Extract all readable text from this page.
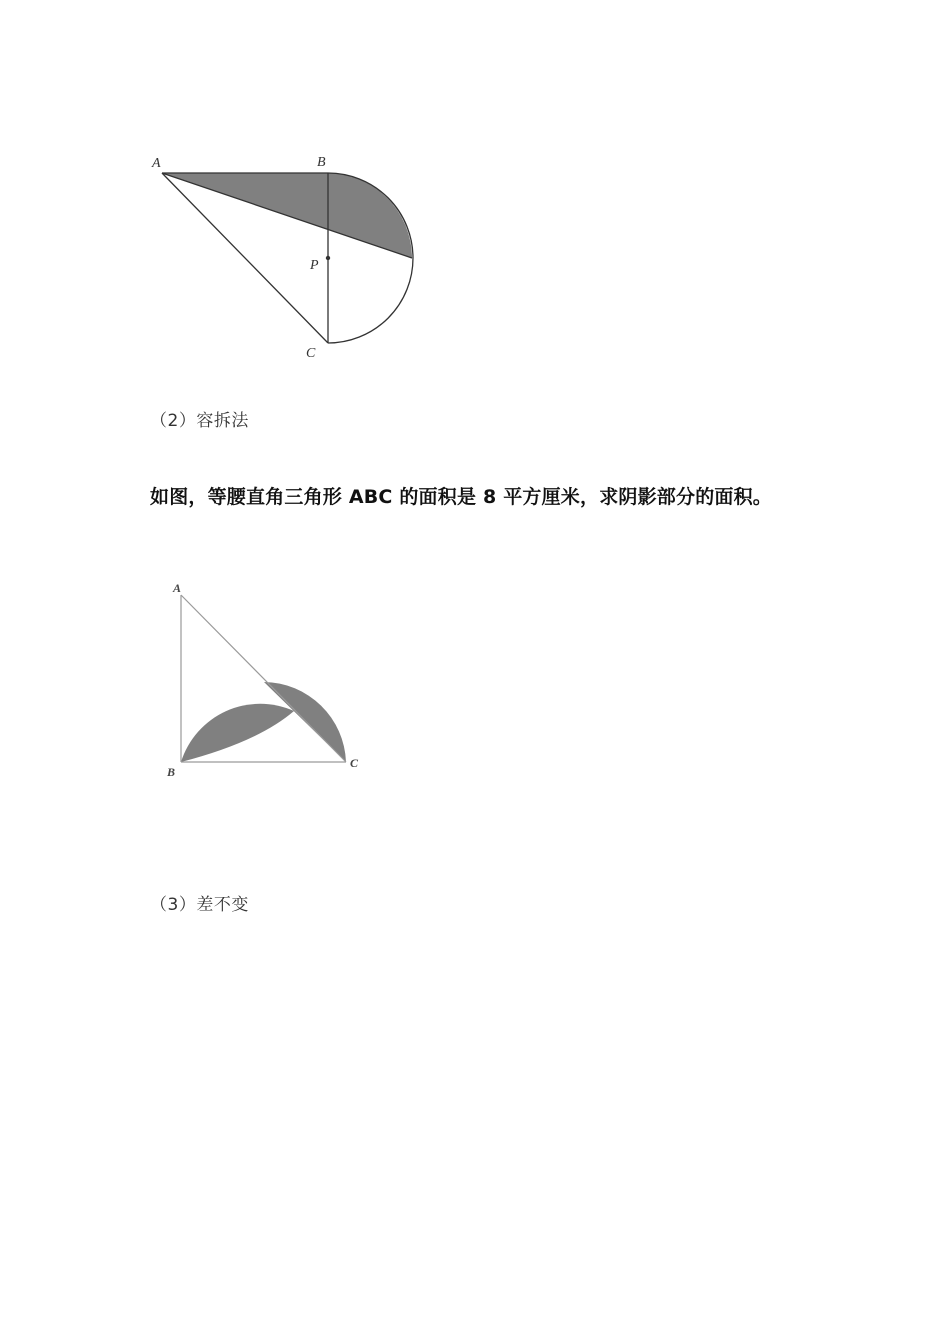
A	B
P
C
（2）容拆法
如图，等腰直角三角形 ABC 的面积是 8 平方厘米，求阴影部分的面积。
A
B
C
（3）差不变
